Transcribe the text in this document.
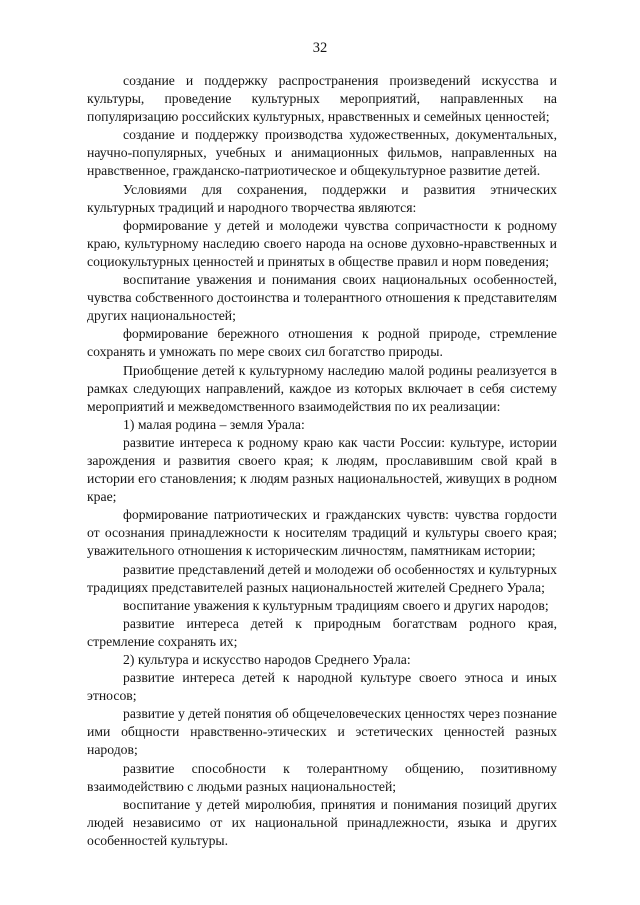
32

создание и поддержку распространения произведений искусства и культуры, проведение культурных мероприятий, направленных на популяризацию российских культурных, нравственных и семейных ценностей;

создание и поддержку производства художественных, документальных, научно-популярных, учебных и анимационных фильмов, направленных на нравственное, гражданско-патриотическое и общекультурное развитие детей.

Условиями для сохранения, поддержки и развития этнических культурных традиций и народного творчества являются:

формирование у детей и молодежи чувства сопричастности к родному краю, культурному наследию своего народа на основе духовно-нравственных и социокультурных ценностей и принятых в обществе правил и норм поведения;

воспитание уважения и понимания своих национальных особенностей, чувства собственного достоинства и толерантного отношения к представителям других национальностей;

формирование бережного отношения к родной природе, стремление сохранять и умножать по мере своих сил богатство природы.

Приобщение детей к культурному наследию малой родины реализуется в рамках следующих направлений, каждое из которых включает в себя систему мероприятий и межведомственного взаимодействия по их реализации:

1) малая родина – земля Урала:

развитие интереса к родному краю как части России: культуре, истории зарождения и развития своего края; к людям, прославившим свой край в истории его становления; к людям разных национальностей, живущих в родном крае;

формирование патриотических и гражданских чувств: чувства гордости от осознания принадлежности к носителям традиций и культуры своего края; уважительного отношения к историческим личностям, памятникам истории;

развитие представлений детей и молодежи об особенностях и культурных традициях представителей разных национальностей жителей Среднего Урала;

воспитание уважения к культурным традициям своего и других народов;

развитие интереса детей к природным богатствам родного края, стремление сохранять их;

2) культура и искусство народов Среднего Урала:

развитие интереса детей к народной культуре своего этноса и иных этносов;

развитие у детей понятия об общечеловеческих ценностях через познание ими общности нравственно-этических и эстетических ценностей разных народов;

развитие способности к толерантному общению, позитивному взаимодействию с людьми разных национальностей;

воспитание у детей миролюбия, принятия и понимания позиций других людей независимо от их национальной принадлежности, языка и других особенностей культуры.
